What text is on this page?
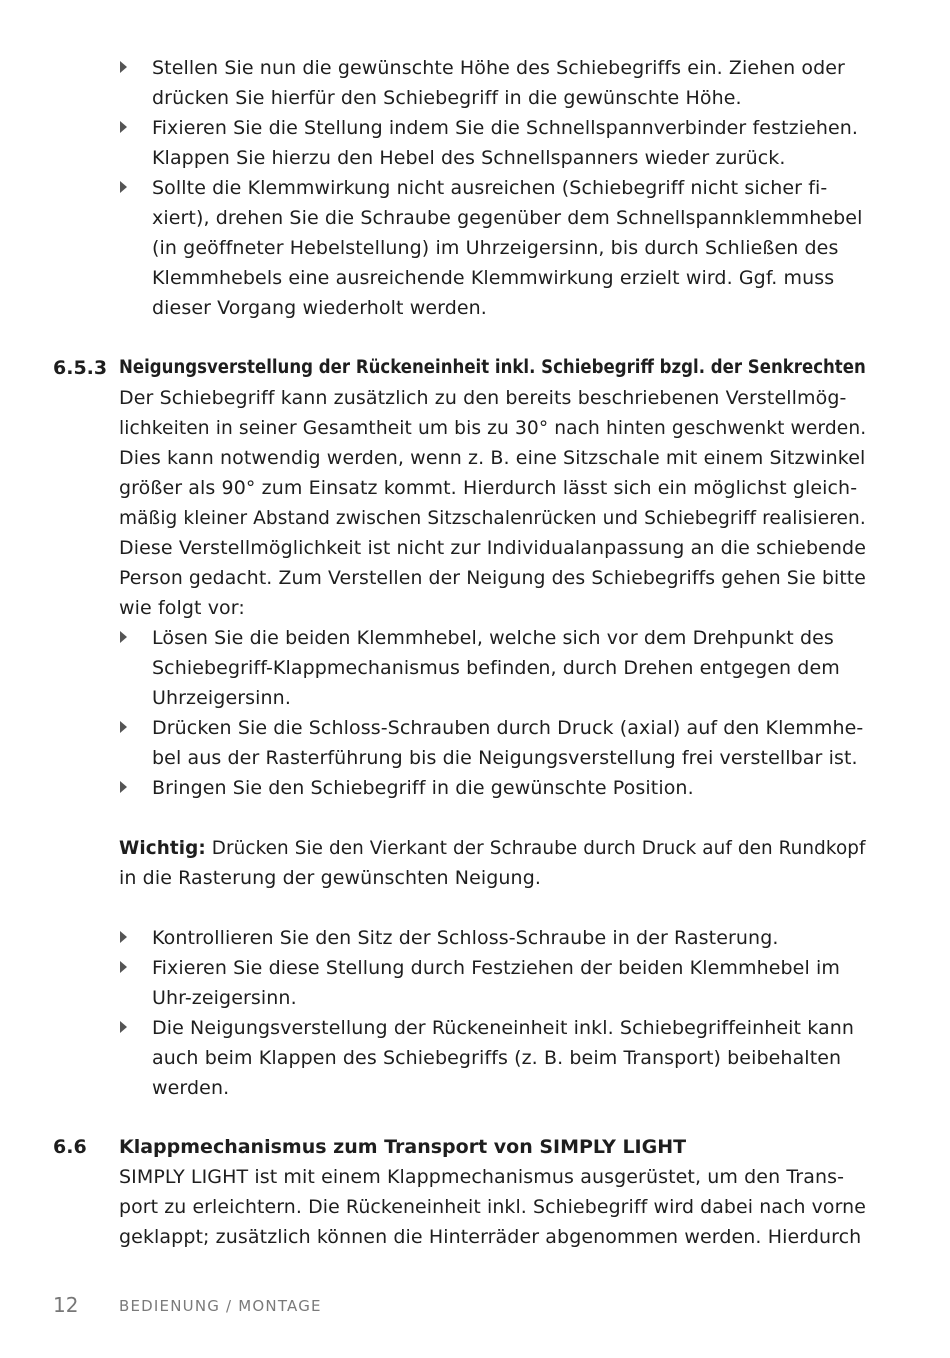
Stellen Sie nun die gewünschte Höhe des Schiebegriffs ein. Ziehen oder
drücken Sie hierfür den Schiebegriff in die gewünschte Höhe.
Fixieren Sie die Stellung indem Sie die Schnellspannverbinder festziehen.
Klappen Sie hierzu den Hebel des Schnellspanners wieder zurück.
Sollte die Klemmwirkung nicht ausreichen (Schiebegriff nicht sicher fi-
xiert), drehen Sie die Schraube gegenüber dem Schnellspannklemmhebel
(in geöffneter Hebelstellung) im Uhrzeigersinn, bis durch Schließen des
Klemmhebels eine ausreichende Klemmwirkung erzielt wird. Ggf. muss
dieser Vorgang wiederholt werden.
6.5.3 Neigungsverstellung der Rückeneinheit inkl. Schiebegriff bzgl. der Senkrechten
Der Schiebegriff kann zusätzlich zu den bereits beschriebenen Verstellmög-
lichkeiten in seiner Gesamtheit um bis zu 30° nach hinten geschwenkt werden.
Dies kann notwendig werden, wenn z. B. eine Sitzschale mit einem Sitzwinkel
größer als 90° zum Einsatz kommt. Hierdurch lässt sich ein möglichst gleich-
mäßig kleiner Abstand zwischen Sitzschalenrücken und Schiebegriff realisieren.
Diese Verstellmöglichkeit ist nicht zur Individualanpassung an die schiebende
Person gedacht. Zum Verstellen der Neigung des Schiebegriffs gehen Sie bitte
wie folgt vor:
Lösen Sie die beiden Klemmhebel, welche sich vor dem Drehpunkt des
Schiebegriff-Klappmechanismus befinden, durch Drehen entgegen dem
Uhrzeigersinn.
Drücken Sie die Schloss-Schrauben durch Druck (axial) auf den Klemmhe-
bel aus der Rasterführung bis die Neigungsverstellung frei verstellbar ist.
Bringen Sie den Schiebegriff in die gewünschte Position.
Wichtig: Drücken Sie den Vierkant der Schraube durch Druck auf den Rundkopf
in die Rasterung der gewünschten Neigung.
Kontrollieren Sie den Sitz der Schloss-Schraube in der Rasterung.
Fixieren Sie diese Stellung durch Festziehen der beiden Klemmhebel im
Uhr-zeigersinn.
Die Neigungsverstellung der Rückeneinheit inkl. Schiebegriffeinheit kann
auch beim Klappen des Schiebegriffs (z. B. beim Transport) beibehalten
werden.
6.6 Klappmechanismus zum Transport von SIMPLY LIGHT
SIMPLY LIGHT ist mit einem Klappmechanismus ausgerüstet, um den Trans-
port zu erleichtern. Die Rückeneinheit inkl. Schiebegriff wird dabei nach vorne
geklappt; zusätzlich können die Hinterräder abgenommen werden. Hierdurch
12	BEDIENUNG / MONTAGE
